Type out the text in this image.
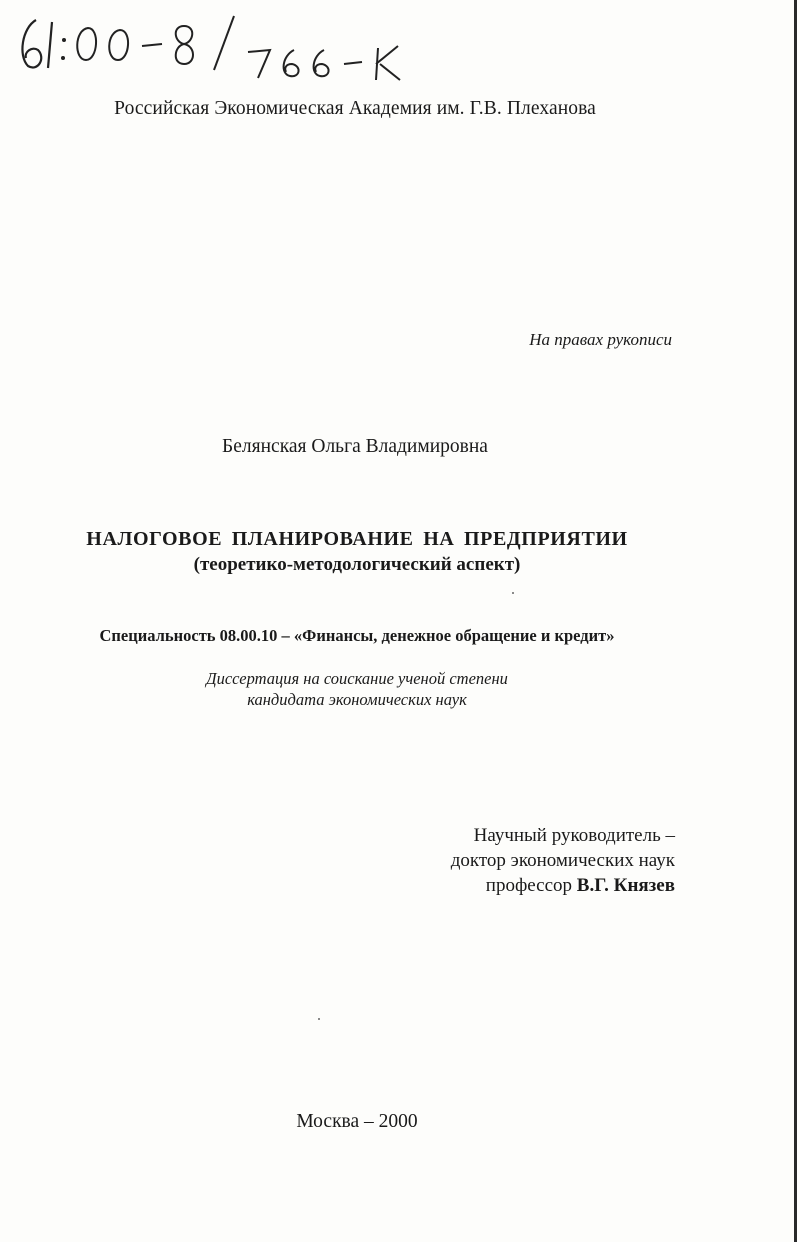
Российская Экономическая Академия им. Г.В. Плеханова
На правах рукописи
Белянская Ольга Владимировна
НАЛОГОВОЕ ПЛАНИРОВАНИЕ НА ПРЕДПРИЯТИИ
(теоретико-методологический аспект)
Специальность 08.00.10 – «Финансы, денежное обращение и кредит»
Диссертация на соискание ученой степени
кандидата экономических наук
Научный руководитель –
доктор экономических наук
профессор В.Г. Князев
Москва – 2000
